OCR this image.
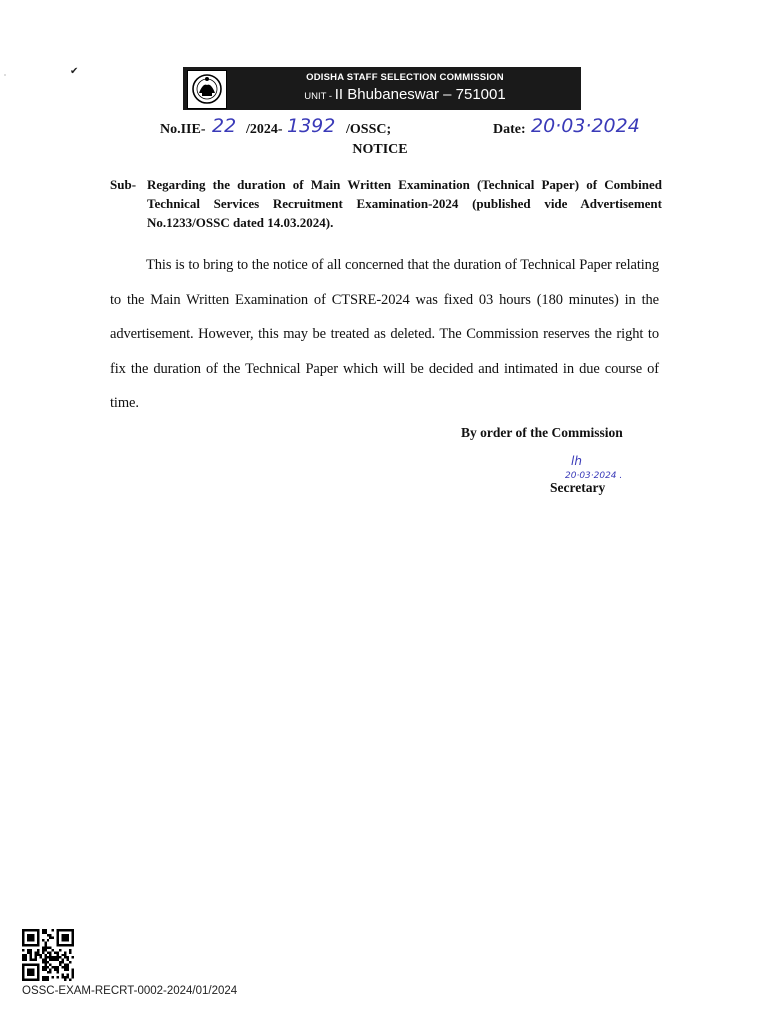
✔
ODISHA STAFF SELECTION COMMISSION
UNIT - II Bhubaneswar – 751001
No.IIE- 22 /2024- 1392 /OSSC;	Date: 20·03·2024
NOTICE
Sub- Regarding the duration of Main Written Examination (Technical Paper) of Combined Technical Services Recruitment Examination-2024 (published vide Advertisement No.1233/OSSC dated 14.03.2024).
This is to bring to the notice of all concerned that the duration of Technical Paper relating to the Main Written Examination of CTSRE-2024 was fixed 03 hours (180 minutes) in the advertisement. However, this may be treated as deleted. The Commission reserves the right to fix the duration of the Technical Paper which will be decided and intimated in due course of time.
By order of the Commission
lh
20·03·2024 .
Secretary
OSSC-EXAM-RECRT-0002-2024/01/2024
